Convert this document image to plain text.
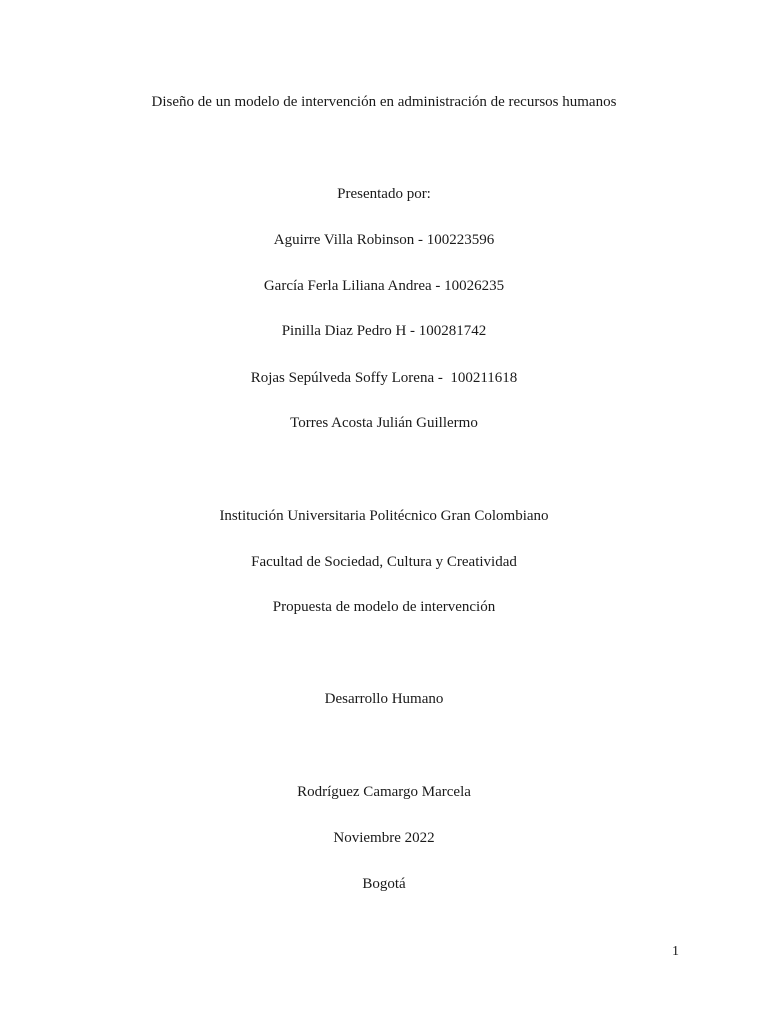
Diseño de un modelo de intervención en administración de recursos humanos
Presentado por:
Aguirre Villa Robinson - 100223596
García Ferla Liliana Andrea - 10026235
Pinilla Diaz Pedro H - 100281742
Rojas Sepúlveda Soffy Lorena -  100211618
Torres Acosta Julián Guillermo
Institución Universitaria Politécnico Gran Colombiano
Facultad de Sociedad, Cultura y Creatividad
Propuesta de modelo de intervención
Desarrollo Humano
Rodríguez Camargo Marcela
Noviembre 2022
Bogotá
1
